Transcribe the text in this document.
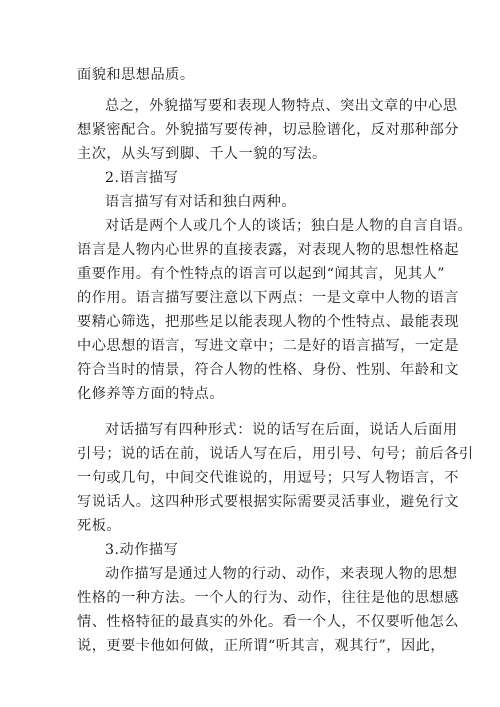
面貌和思想品质。
总之，外貌描写要和表现人物特点、突出文章的中心思
想紧密配合。外貌描写要传神，切忌脸谱化，反对那种部分
主次，从头写到脚、千人一貌的写法。
2.语言描写
语言描写有对话和独白两种。
对话是两个人或几个人的谈话；独白是人物的自言自语。
语言是人物内心世界的直接表露，对表现人物的思想性格起
重要作用。有个性特点的语言可以起到“闻其言，见其人”
的作用。语言描写要注意以下两点：一是文章中人物的语言
要精心筛选，把那些足以能表现人物的个性特点、最能表现
中心思想的语言，写进文章中；二是好的语言描写，一定是
符合当时的情景，符合人物的性格、身份、性别、年龄和文
化修养等方面的特点。
对话描写有四种形式：说的话写在后面，说话人后面用
引号；说的话在前，说话人写在后，用引号、句号；前后各引
一句或几句，中间交代谁说的，用逗号；只写人物语言，不
写说话人。这四种形式要根据实际需要灵活事业，避免行文
死板。
3.动作描写
动作描写是通过人物的行动、动作，来表现人物的思想
性格的一种方法。一个人的行为、动作，往往是他的思想感
情、性格特征的最真实的外化。看一个人，不仅要听他怎么
说，更要卡他如何做，正所谓“听其言，观其行”，因此，
